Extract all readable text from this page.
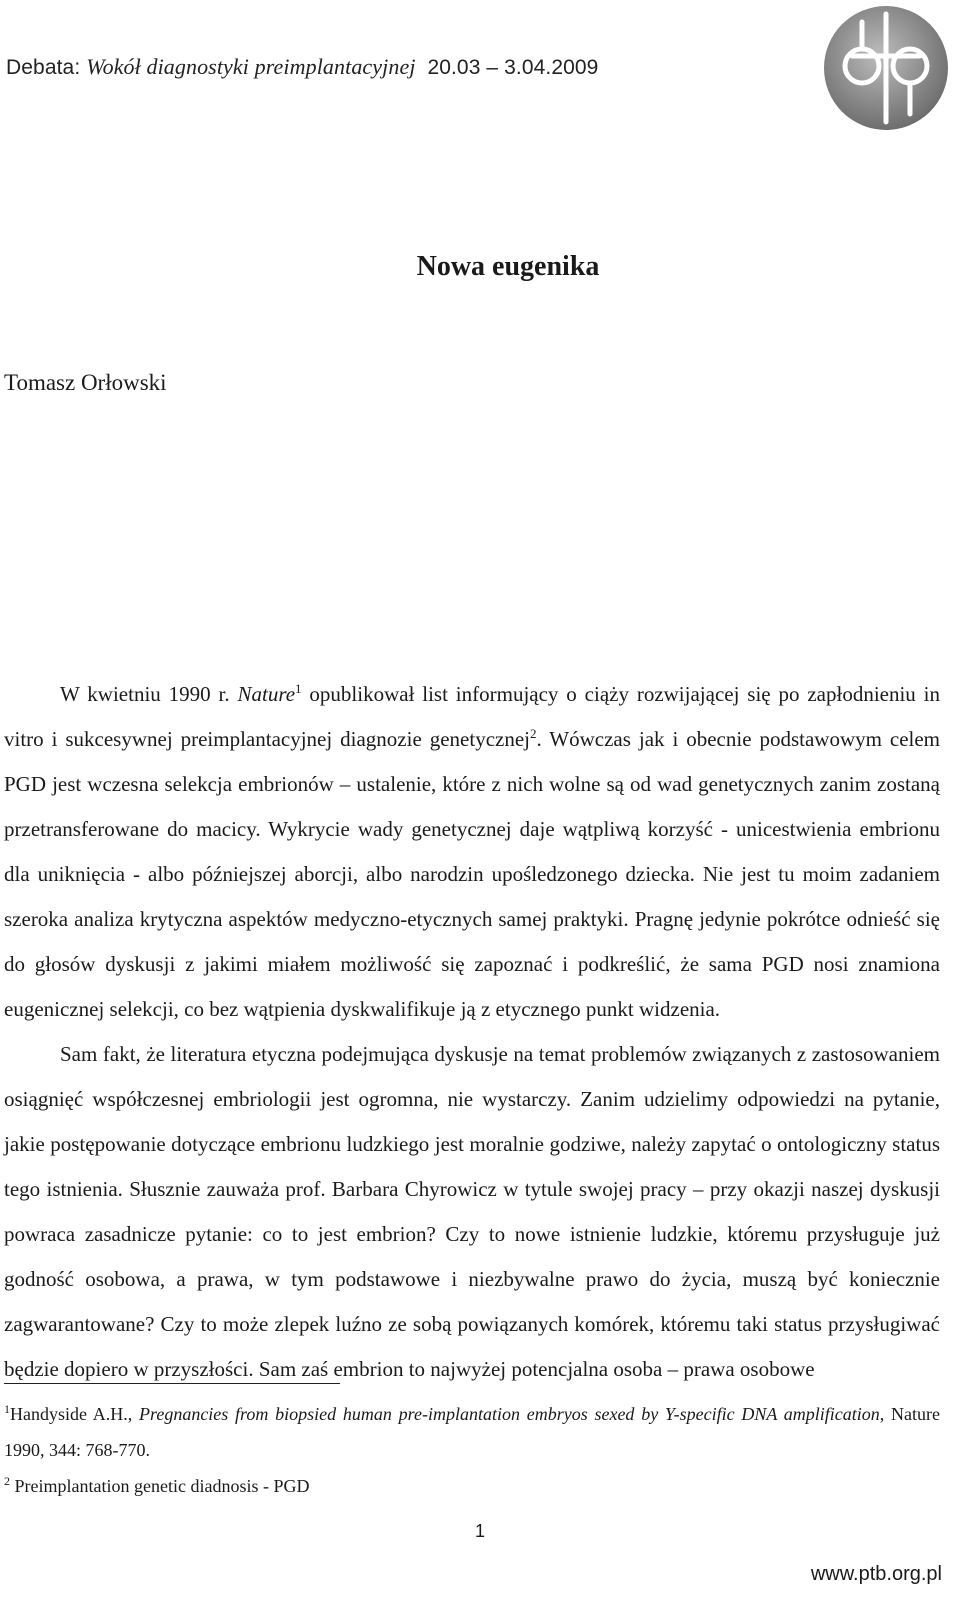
Debata: Wokół diagnostyki preimplantacyjnej 20.03 – 3.04.2009
Nowa eugenika
Tomasz Orłowski

W kwietniu 1990 r. Nature$^1$ opublikował list informujący o ciąży rozwijającej się po zapłodnieniu in vitro i sukcesywnej preimplantacyjnej diagnozie genetycznej$^2$. Wówczas jak i obecnie podstawowym celem PGD jest wczesna selekcja embrionów – ustalenie, które z nich wolne są od wad genetycznych zanim zostaną przetransferowane do macicy. Wykrycie wady genetycznej daje wątpliwą korzyść - unicestwienia embrionu dla uniknięcia - albo późniejszej aborcji, albo narodzin upośledzonego dziecka. Nie jest tu moim zadaniem szeroka analiza krytyczna aspektów medyczno-etycznych samej praktyki. Pragnę jedynie pokrótce odnieść się do głosów dyskusji z jakimi miałem możliwość się zapoznać i podkreślić, że sama PGD nosi znamiona eugenicznej selekcji, co bez wątpienia dyskwalifikuje ją z etycznego punkt widzenia.

Sam fakt, że literatura etyczna podejmująca dyskusje na temat problemów związanych z zastosowaniem osiągnięć współczesnej embriologii jest ogromna, nie wystarczy. Zanim udzielimy odpowiedzi na pytanie, jakie postępowanie dotyczące embrionu ludzkiego jest moralnie godziwe, należy zapytać o ontologiczny status tego istnienia. Słusznie zauważa prof. Barbara Chyrowicz w tytule swojej pracy – przy okazji naszej dyskusji powraca zasadnicze pytanie: co to jest embrion? Czy to nowe istnienie ludzkie, któremu przysługuje już godność osobowa, a prawa, w tym podstawowe i niezbywalne prawo do życia, muszą być koniecznie zagwarantowane? Czy to może zlepek luźno ze sobą powiązanych komórek, któremu taki status przysługiwać będzie dopiero w przyszłości. Sam zaś embrion to najwyżej potencjalna osoba – prawa osobowe

$^1$Handyside A.H., Pregnancies from biopsied human pre-implantation embryos sexed by Y-specific DNA amplification, Nature 1990, 344: 768-770.
$^2$ Preimplantation genetic diadnosis - PGD
1
www.ptb.org.pl
